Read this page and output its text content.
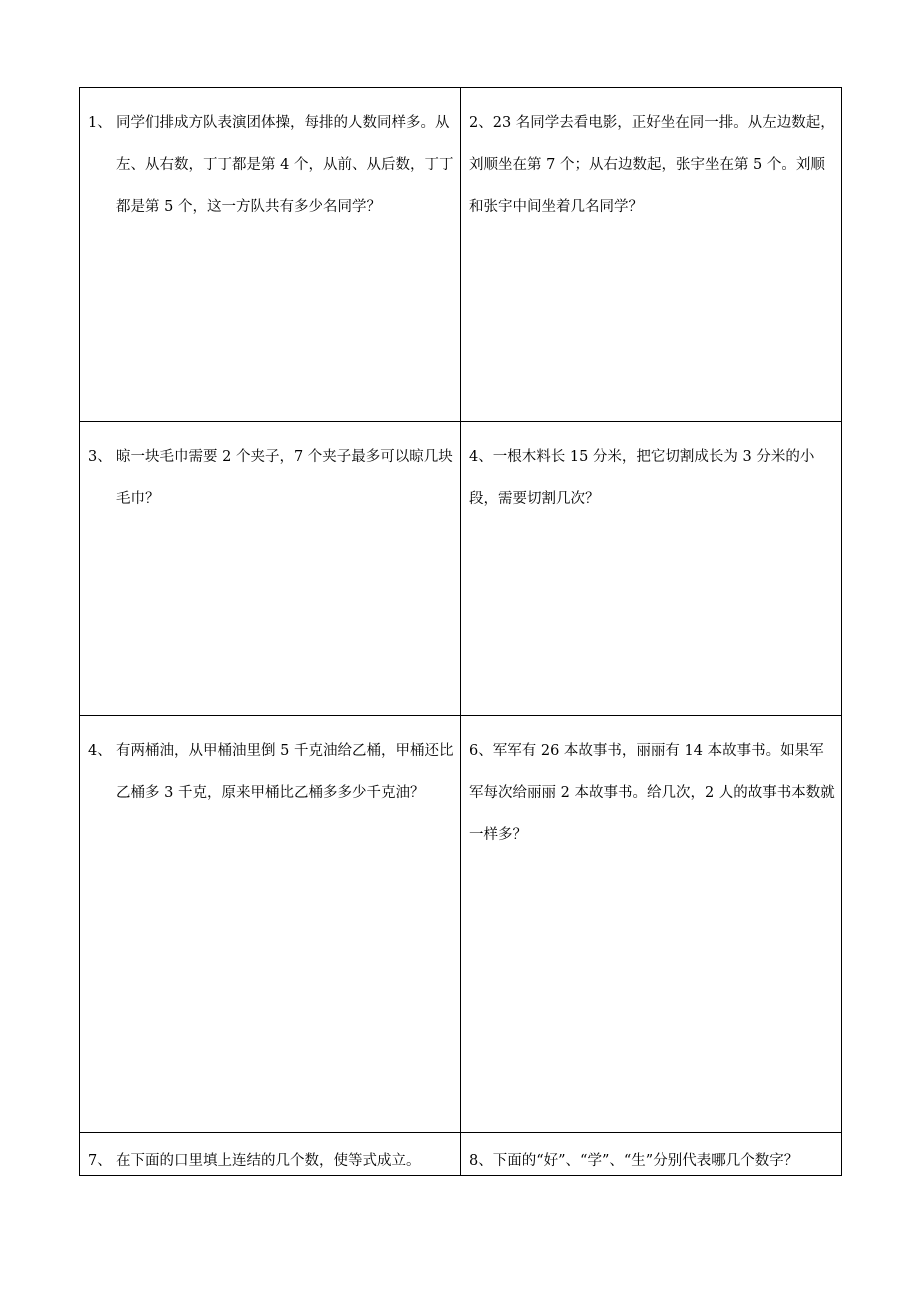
1、 同学们排成方队表演团体操，每排的人数同样多。从左、从右数，丁丁都是第 4 个，从前、从后数，丁丁都是第 5 个，这一方队共有多少名同学？	2、23 名同学去看电影，正好坐在同一排。从左边数起，刘顺坐在第 7 个；从右边数起，张宇坐在第 5 个。刘顺和张宇中间坐着几名同学？

3、 晾一块毛巾需要 2 个夹子，7 个夹子最多可以晾几块毛巾？	4、一根木料长 15 分米，把它切割成长为 3 分米的小段，需要切割几次？

4、 有两桶油，从甲桶油里倒 5 千克油给乙桶，甲桶还比乙桶多 3 千克，原来甲桶比乙桶多多少千克油？	6、军军有 26 本故事书，丽丽有 14 本故事书。如果军军每次给丽丽 2 本故事书。给几次，2 人的故事书本数就一样多？

7、 在下面的口里填上连结的几个数，使等式成立。	8、下面的“好”、“学”、“生”分别代表哪几个数字？
